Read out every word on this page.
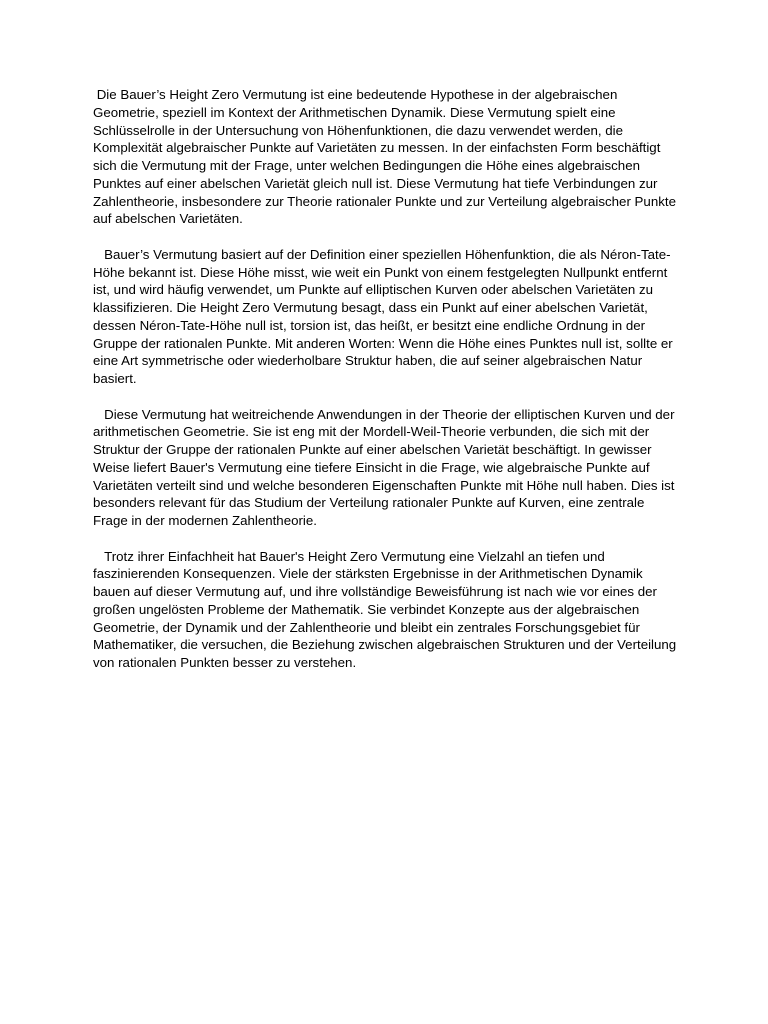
Die Bauer’s Height Zero Vermutung ist eine bedeutende Hypothese in der algebraischen Geometrie, speziell im Kontext der Arithmetischen Dynamik. Diese Vermutung spielt eine Schlüsselrolle in der Untersuchung von Höhenfunktionen, die dazu verwendet werden, die Komplexität algebraischer Punkte auf Varietäten zu messen. In der einfachsten Form beschäftigt sich die Vermutung mit der Frage, unter welchen Bedingungen die Höhe eines algebraischen Punktes auf einer abelschen Varietät gleich null ist. Diese Vermutung hat tiefe Verbindungen zur Zahlentheorie, insbesondere zur Theorie rationaler Punkte und zur Verteilung algebraischer Punkte auf abelschen Varietäten.

Bauer’s Vermutung basiert auf der Definition einer speziellen Höhenfunktion, die als Néron-Tate-Höhe bekannt ist. Diese Höhe misst, wie weit ein Punkt von einem festgelegten Nullpunkt entfernt ist, und wird häufig verwendet, um Punkte auf elliptischen Kurven oder abelschen Varietäten zu klassifizieren. Die Height Zero Vermutung besagt, dass ein Punkt auf einer abelschen Varietät, dessen Néron-Tate-Höhe null ist, torsion ist, das heißt, er besitzt eine endliche Ordnung in der Gruppe der rationalen Punkte. Mit anderen Worten: Wenn die Höhe eines Punktes null ist, sollte er eine Art symmetrische oder wiederholbare Struktur haben, die auf seiner algebraischen Natur basiert.

Diese Vermutung hat weitreichende Anwendungen in der Theorie der elliptischen Kurven und der arithmetischen Geometrie. Sie ist eng mit der Mordell-Weil-Theorie verbunden, die sich mit der Struktur der Gruppe der rationalen Punkte auf einer abelschen Varietät beschäftigt. In gewisser Weise liefert Bauer's Vermutung eine tiefere Einsicht in die Frage, wie algebraische Punkte auf Varietäten verteilt sind und welche besonderen Eigenschaften Punkte mit Höhe null haben. Dies ist besonders relevant für das Studium der Verteilung rationaler Punkte auf Kurven, eine zentrale Frage in der modernen Zahlentheorie.

Trotz ihrer Einfachheit hat Bauer's Height Zero Vermutung eine Vielzahl an tiefen und faszinierenden Konsequenzen. Viele der stärksten Ergebnisse in der Arithmetischen Dynamik bauen auf dieser Vermutung auf, und ihre vollständige Beweisführung ist nach wie vor eines der großen ungelösten Probleme der Mathematik. Sie verbindet Konzepte aus der algebraischen Geometrie, der Dynamik und der Zahlentheorie und bleibt ein zentrales Forschungsgebiet für Mathematiker, die versuchen, die Beziehung zwischen algebraischen Strukturen und der Verteilung von rationalen Punkten besser zu verstehen.
